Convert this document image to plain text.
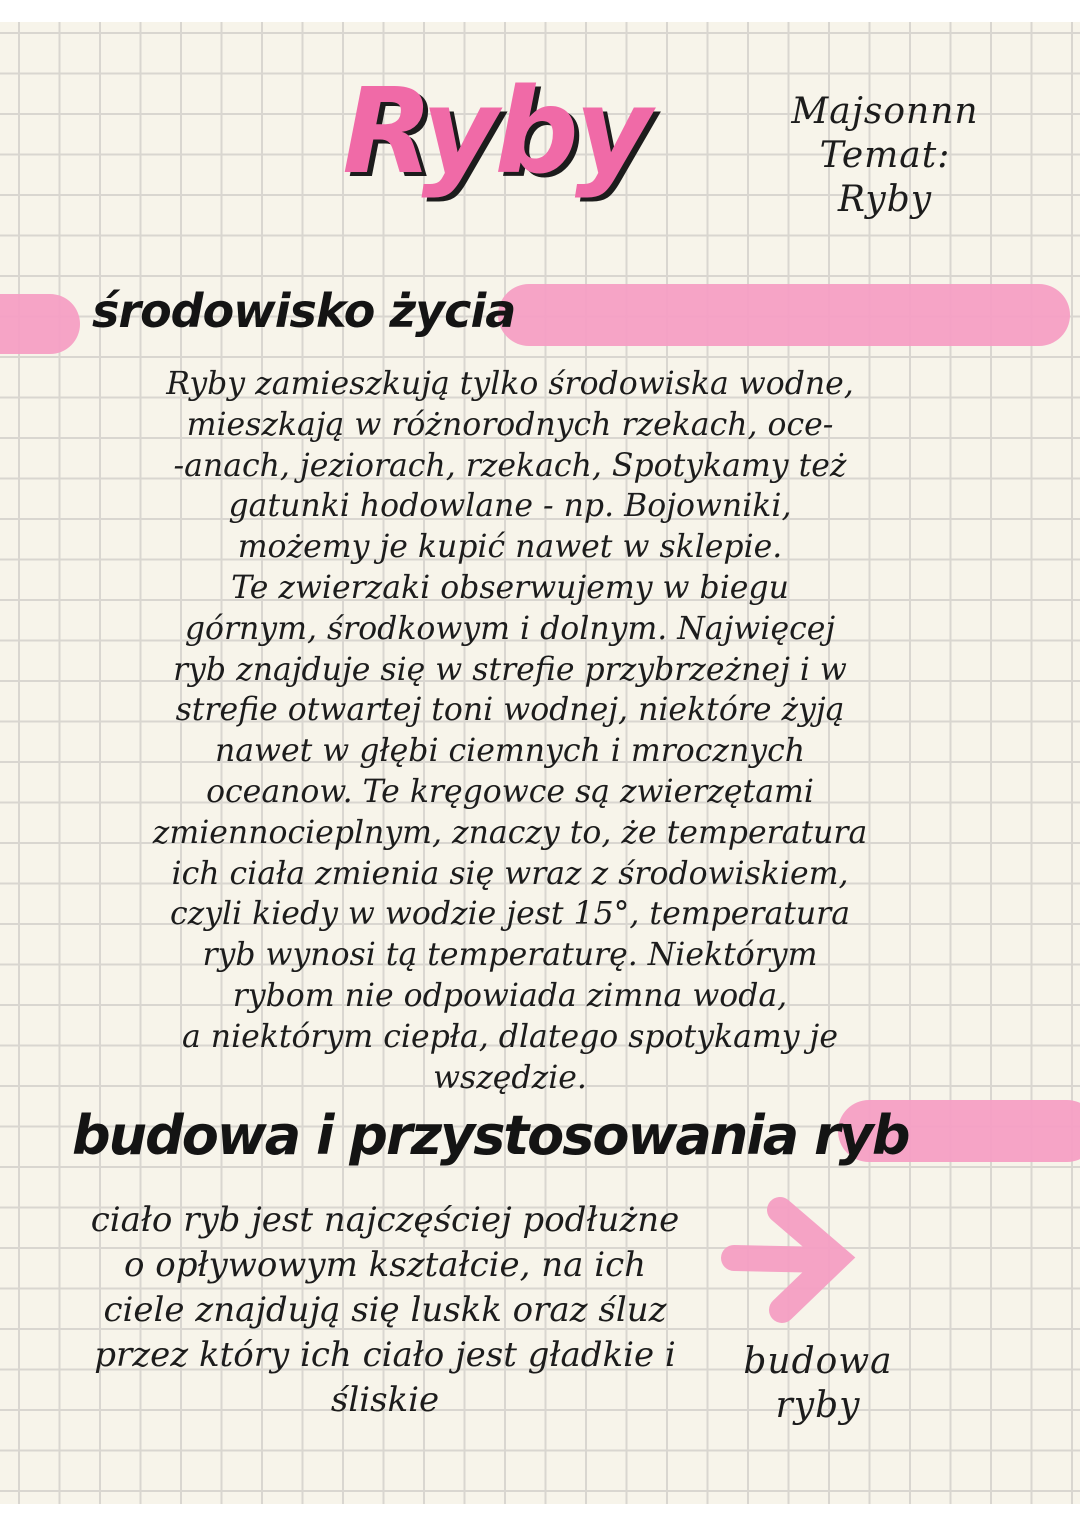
Ryby	Majsonnn
Temat:
Ryby
środowisko życia
Ryby zamieszkują tylko środowiska wodne,
mieszkają w różnorodnych rzekach, oce-
-anach, jeziorach, rzekach, Spotykamy też
gatunki hodowlane - np. Bojowniki,
możemy je kupić nawet w sklepie.
Te zwierzaki obserwujemy w biegu
górnym, środkowym i dolnym. Najwięcej
ryb znajduje się w strefie przybrzeżnej i w
strefie otwartej toni wodnej, niektóre żyją
nawet w głębi ciemnych i mrocznych
oceanow. Te kręgowce są zwierzętami
zmiennocieplnym, znaczy to, że temperatura
ich ciała zmienia się wraz z środowiskiem,
czyli kiedy w wodzie jest 15°, temperatura
ryb wynosi tą temperaturę. Niektórym
rybom nie odpowiada zimna woda,
a niektórym ciepła, dlatego spotykamy je
wszędzie.
budowa i przystosowania ryb
ciało ryb jest najczęściej podłużne
o opływowym kształcie, na ich
ciele znajdują się luskk oraz śluz
przez który ich ciało jest gładkie i
śliskie
budowa
ryby
